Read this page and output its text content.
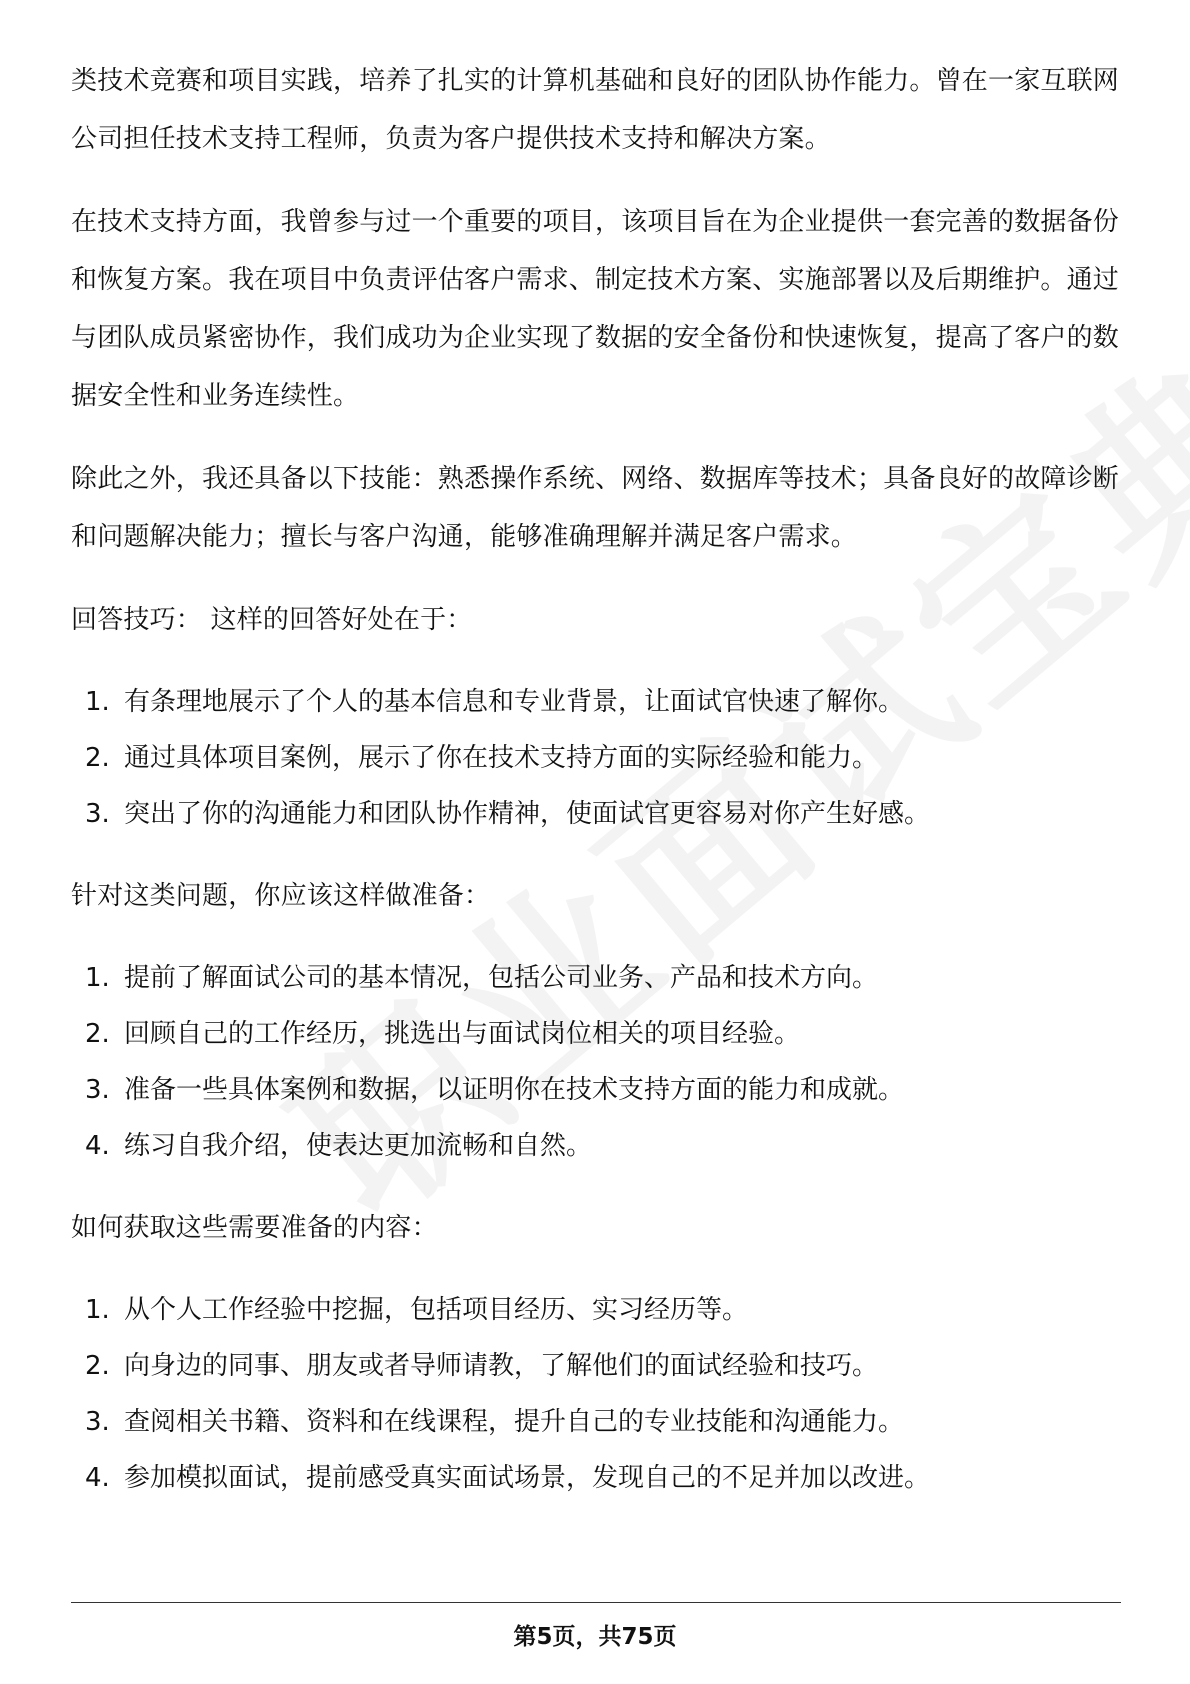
类技术竞赛和项目实践，培养了扎实的计算机基础和良好的团队协作能力。曾在一家互联网公司担任技术支持工程师，负责为客户提供技术支持和解决方案。

在技术支持方面，我曾参与过一个重要的项目，该项目旨在为企业提供一套完善的数据备份和恢复方案。我在项目中负责评估客户需求、制定技术方案、实施部署以及后期维护。通过与团队成员紧密协作，我们成功为企业实现了数据的安全备份和快速恢复，提高了客户的数据安全性和业务连续性。

除此之外，我还具备以下技能：熟悉操作系统、网络、数据库等技术；具备良好的故障诊断和问题解决能力；擅长与客户沟通，能够准确理解并满足客户需求。

回答技巧： 这样的回答好处在于：

1. 有条理地展示了个人的基本信息和专业背景，让面试官快速了解你。
2. 通过具体项目案例，展示了你在技术支持方面的实际经验和能力。
3. 突出了你的沟通能力和团队协作精神，使面试官更容易对你产生好感。

针对这类问题，你应该这样做准备：

1. 提前了解面试公司的基本情况，包括公司业务、产品和技术方向。
2. 回顾自己的工作经历，挑选出与面试岗位相关的项目经验。
3. 准备一些具体案例和数据，以证明你在技术支持方面的能力和成就。
4. 练习自我介绍，使表达更加流畅和自然。

如何获取这些需要准备的内容：

1. 从个人工作经验中挖掘，包括项目经历、实习经历等。
2. 向身边的同事、朋友或者导师请教，了解他们的面试经验和技巧。
3. 查阅相关书籍、资料和在线课程，提升自己的专业技能和沟通能力。
4. 参加模拟面试，提前感受真实面试场景，发现自己的不足并加以改进。
第5页，共75页
